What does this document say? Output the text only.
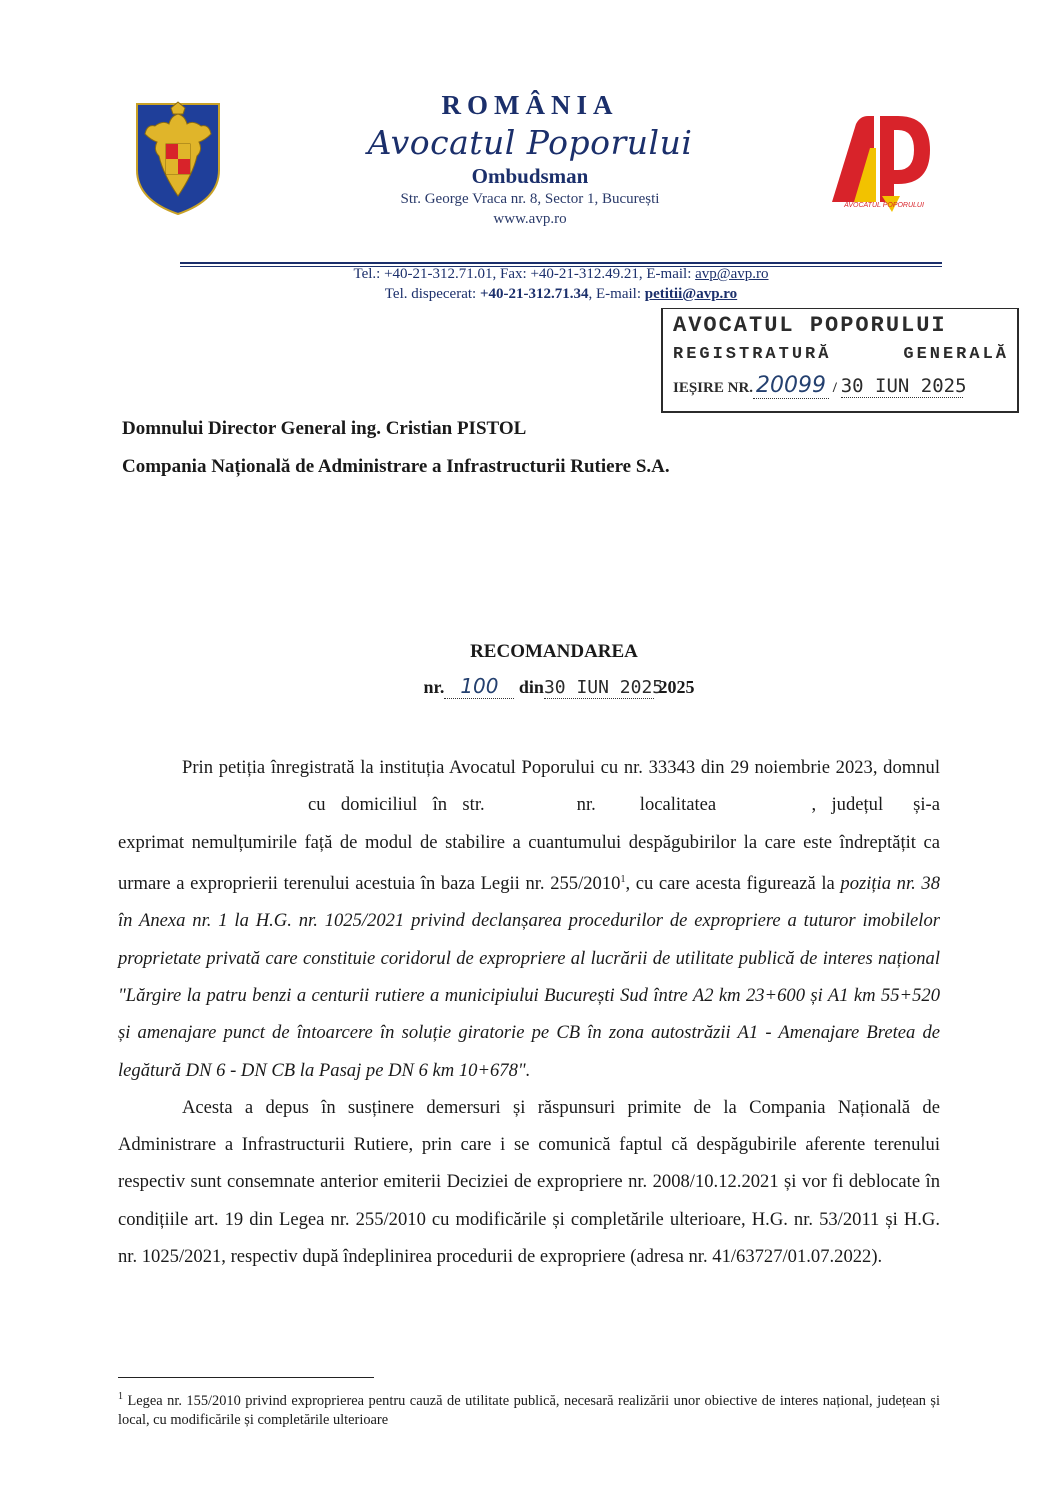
ROMÂNIA
Avocatul Poporului
Ombudsman
Str. George Vraca nr. 8, Sector 1, București
www.avp.ro
AVOCATUL POPORULUI
Tel.: +40-21-312.71.01, Fax: +40-21-312.49.21, E-mail: avp@avp.ro
Tel. dispecerat: +40-21-312.71.34, E-mail: petitii@avp.ro
AVOCATUL POPORULUI
REGISTRATURĂ	GENERALĂ
IEȘIRE NR. 20099 / 30 IUN 2025
Domnului Director General ing. Cristian PISTOL
Compania Națională de Administrare a Infrastructurii Rutiere S.A.
RECOMANDAREA
nr. 100 din30 IUN 2025 2025

Prin petiția înregistrată la instituția Avocatul Poporului cu nr. 33343 din 29 noiembrie 2023, domnulcu domiciliul în str.	nr. localitatea	, județul și-a exprimat nemulțumirile față de modul de stabilire a cuantumului despăgubirilor la care este îndreptățit ca urmare a exproprierii terenului acestuia în baza Legii nr. 255/2010$^1$, cu care acesta figurează la poziția nr. 38 în Anexa nr. 1 la H.G. nr. 1025/2021 privind declanșarea procedurilor de expropriere a tuturor imobilelor proprietate privată care constituie coridorul de expropriere al lucrării de utilitate publică de interes național "Lărgire la patru benzi a centurii rutiere a municipiului București Sud între A2 km 23+600 și A1 km 55+520 și amenajare punct de întoarcere în soluție giratorie pe CB în zona autostrăzii A1 - Amenajare Bretea de legătură DN 6 - DN CB la Pasaj pe DN 6 km 10+678".

Acesta a depus în susținere demersuri și răspunsuri primite de la Compania Națională de Administrare a Infrastructurii Rutiere, prin care i se comunică faptul că despăgubirile aferente terenului respectiv sunt consemnate anterior emiterii Deciziei de expropriere nr. 2008/10.12.2021 și vor fi deblocate în condițiile art. 19 din Legea nr. 255/2010 cu modificările și completările ulterioare, H.G. nr. 53/2011 și H.G. nr. 1025/2021, respectiv după îndeplinirea procedurii de expropriere (adresa nr. 41/63727/01.07.2022).

$^1$ Legea nr. 155/2010 privind exproprierea pentru cauză de utilitate publică, necesară realizării unor obiective de interes național, județean și local, cu modificările și completările ulterioare
